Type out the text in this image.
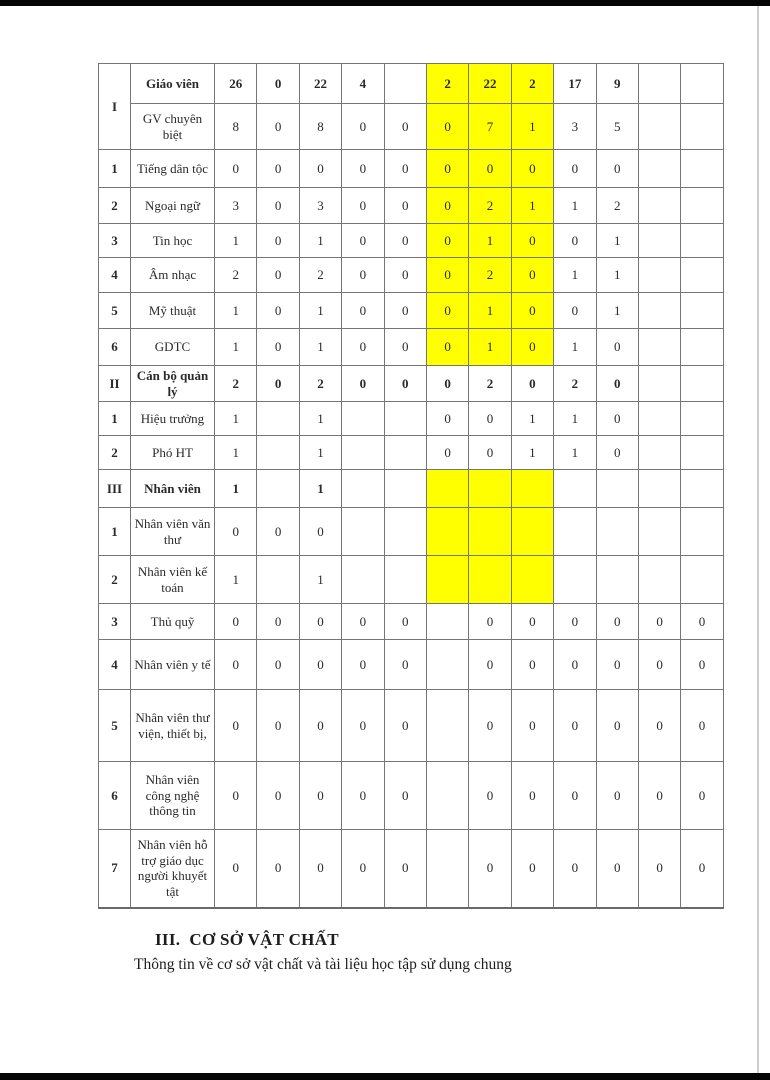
I	Giáo viên	26	0	22	4		2	22	2	17	9		
	GV chuyên biệt	8	0	8	0	0	0	7	1	3	5		
1	Tiếng dân tộc	0	0	0	0	0	0	0	0	0	0		
2	Ngoại ngữ	3	0	3	0	0	0	2	1	1	2		
3	Tin học	1	0	1	0	0	0	1	0	0	1		
4	Âm nhạc	2	0	2	0	0	0	2	0	1	1		
5	Mỹ thuật	1	0	1	0	0	0	1	0	0	1		
6	GDTC	1	0	1	0	0	0	1	0	1	0		
II	Cán bộ quản lý	2	0	2	0	0	0	2	0	2	0		
1	Hiệu trưởng	1		1			0	0	1	1	0		
2	Phó HT	1		1			0	0	1	1	0		
III	Nhân viên	1		1									
1	Nhân viên văn thư	0	0	0									
2	Nhân viên kế toán	1		1									
3	Thủ quỹ	0	0	0	0	0		0	0	0	0	0	0
4	Nhân viên y tế	0	0	0	0	0		0	0	0	0	0	0
5	Nhân viên thư viện, thiết bị,	0	0	0	0	0		0	0	0	0	0	0
6	Nhân viên công nghệ thông tin	0	0	0	0	0		0	0	0	0	0	0
7	Nhân viên hỗ trợ giáo dục người khuyết tật	0	0	0	0	0		0	0	0	0	0	0
III.  CƠ SỞ VẬT CHẤT
Thông tin về cơ sở vật chất và tài liệu học tập sử dụng chung
